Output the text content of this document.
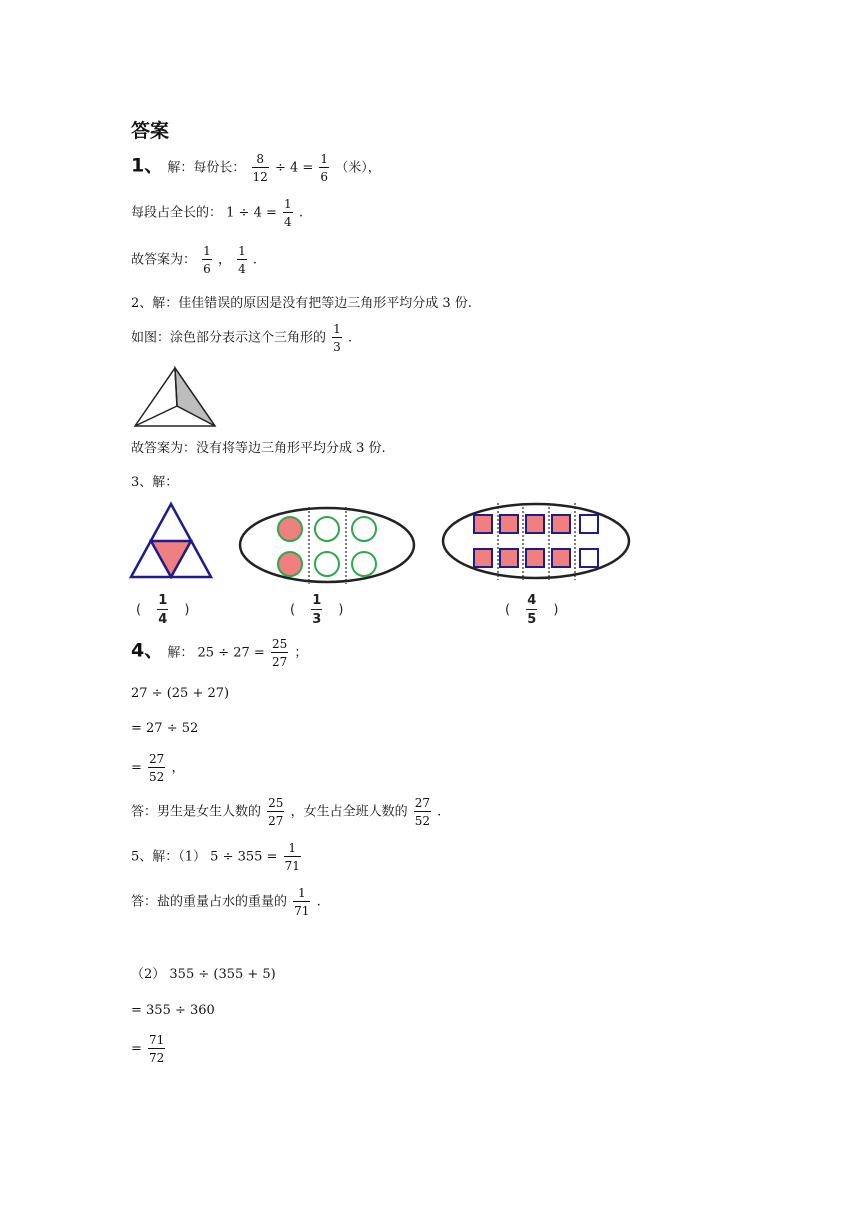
答案
1、 解：每份长： $\frac{8}{12} \div 4 = \frac{1}{6}$ （米），
每段占全长的： $1 \div 4 = \frac{1}{4}$ .
故答案为： $\frac{1}{6}$ ， $\frac{1}{4}$ .
2、解：佳佳错误的原因是没有把等边三角形平均分成 3 份.
如图：涂色部分表示这个三角形的 $\frac{1}{3}$ .
故答案为：没有将等边三角形平均分成 3 份.
3、解：
( $\frac{1}{4}$ )	( $\frac{1}{3}$ )	( $\frac{4}{5}$ )
4、 解： $25 \div 27 = \frac{25}{27}$ ；
27 ÷ (25 + 27)
= 27 ÷ 52
= $\frac{27}{52}$ ，
答：男生是女生人数的 $\frac{25}{27}$ ，女生占全班人数的 $\frac{27}{52}$ .
5、解：（1） $5 \div 355 = \frac{1}{71}$
答：盐的重量占水的重量的 $\frac{1}{71}$ .
（2） 355 ÷ (355 + 5)
= 355 ÷ 360
= $\frac{71}{72}$
